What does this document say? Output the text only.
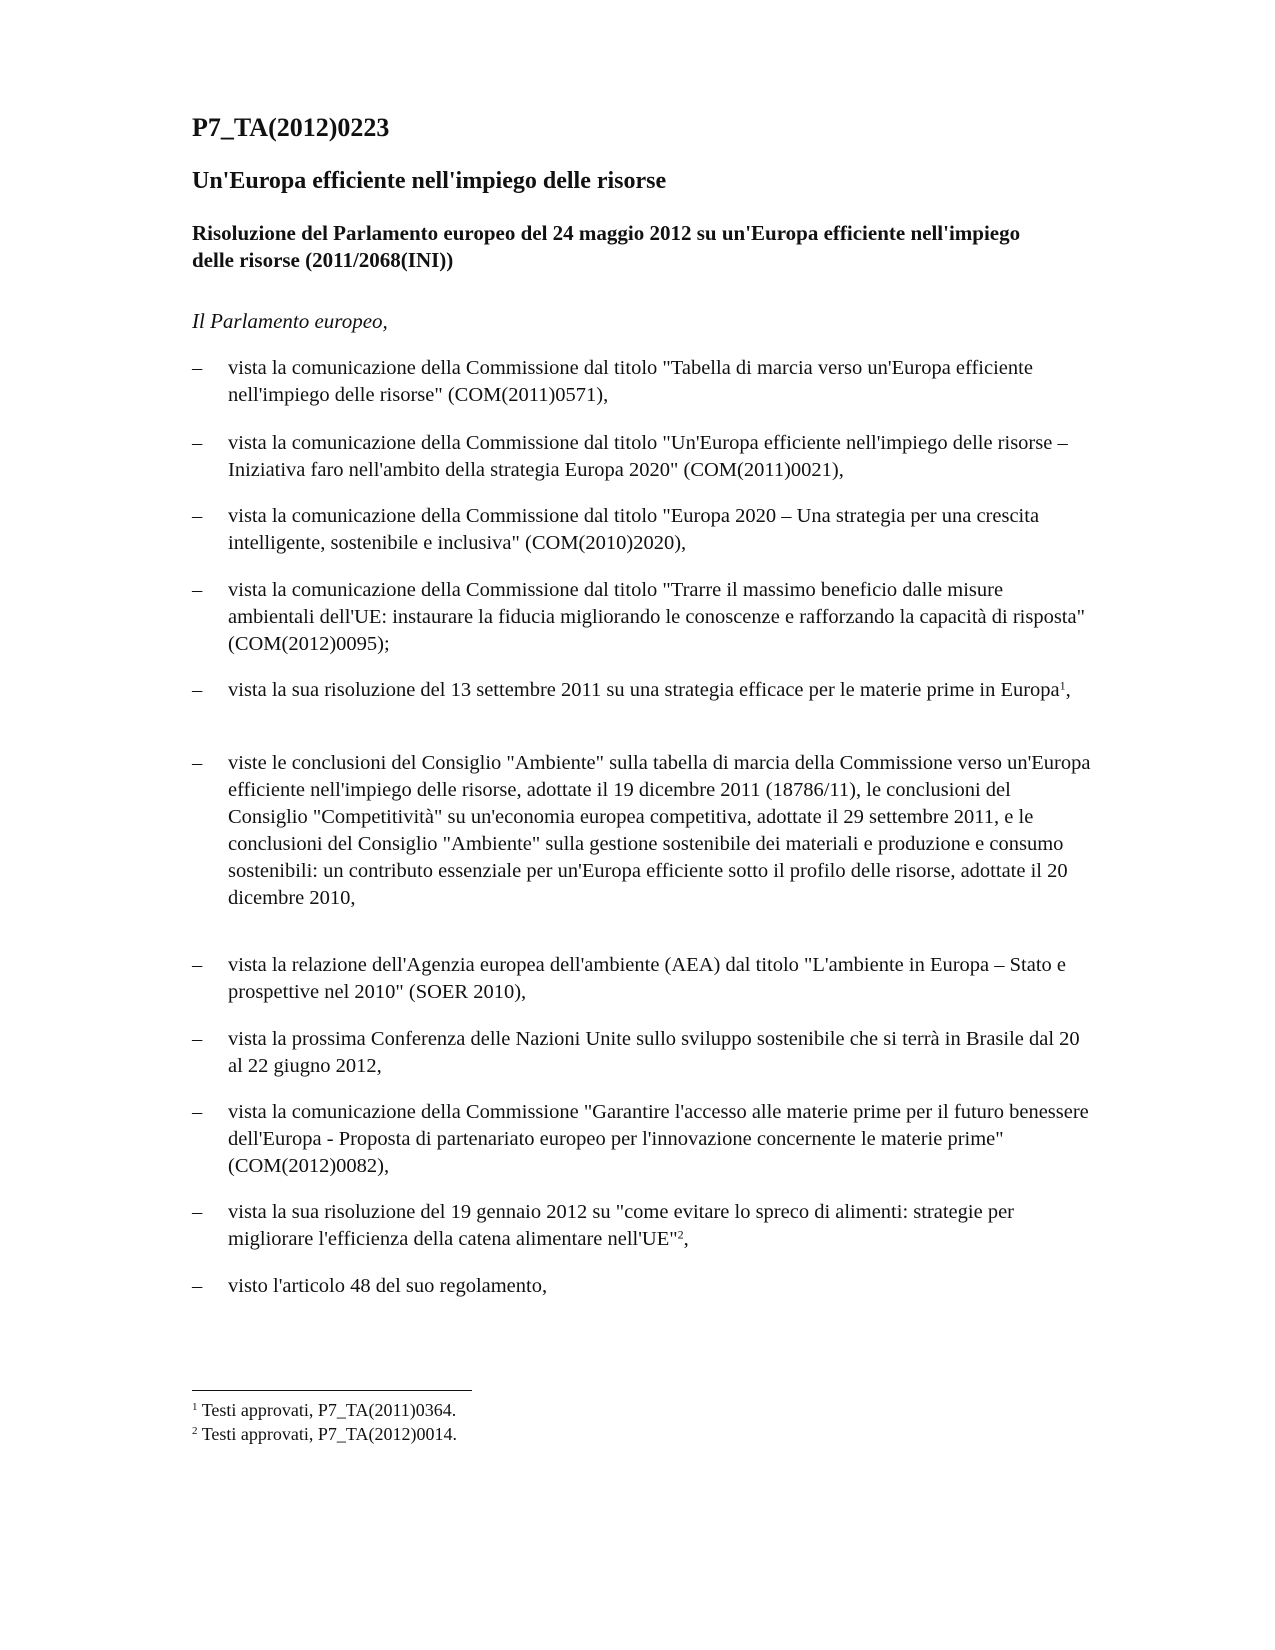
P7_TA(2012)0223
Un'Europa efficiente nell'impiego delle risorse

Risoluzione del Parlamento europeo del 24 maggio 2012 su un'Europa efficiente nell'impiego delle risorse (2011/2068(INI))

Il Parlamento europeo,

–	vista la comunicazione della Commissione dal titolo "Tabella di marcia verso un'Europa efficiente nell'impiego delle risorse" (COM(2011)0571),
–	vista la comunicazione della Commissione dal titolo "Un'Europa efficiente nell'impiego delle risorse – Iniziativa faro nell'ambito della strategia Europa 2020" (COM(2011)0021),
–	vista la comunicazione della Commissione dal titolo "Europa 2020 – Una strategia per una crescita intelligente, sostenibile e inclusiva" (COM(2010)2020),
–	vista la comunicazione della Commissione dal titolo "Trarre il massimo beneficio dalle misure ambientali dell'UE: instaurare la fiducia migliorando le conoscenze e rafforzando la capacità di risposta" (COM(2012)0095);
–	vista la sua risoluzione del 13 settembre 2011 su una strategia efficace per le materie prime in Europa$^1$,
–	viste le conclusioni del Consiglio "Ambiente" sulla tabella di marcia della Commissione verso un'Europa efficiente nell'impiego delle risorse, adottate il 19 dicembre 2011 (18786/11), le conclusioni del Consiglio "Competitività" su un'economia europea competitiva, adottate il 29 settembre 2011, e le conclusioni del Consiglio "Ambiente" sulla gestione sostenibile dei materiali e produzione e consumo sostenibili: un contributo essenziale per un'Europa efficiente sotto il profilo delle risorse, adottate il 20 dicembre 2010,
–	vista la relazione dell'Agenzia europea dell'ambiente (AEA) dal titolo "L'ambiente in Europa – Stato e prospettive nel 2010" (SOER 2010),
–	vista la prossima Conferenza delle Nazioni Unite sullo sviluppo sostenibile che si terrà in Brasile dal 20 al 22 giugno 2012,
–	vista la comunicazione della Commissione "Garantire l'accesso alle materie prime per il futuro benessere dell'Europa - Proposta di partenariato europeo per l'innovazione concernente le materie prime" (COM(2012)0082),
–	vista la sua risoluzione del 19 gennaio 2012 su "come evitare lo spreco di alimenti: strategie per migliorare l'efficienza della catena alimentare nell'UE"$^2$,
–	visto l'articolo 48 del suo regolamento,
$^1$ Testi approvati, P7_TA(2011)0364.
$^2$ Testi approvati, P7_TA(2012)0014.
